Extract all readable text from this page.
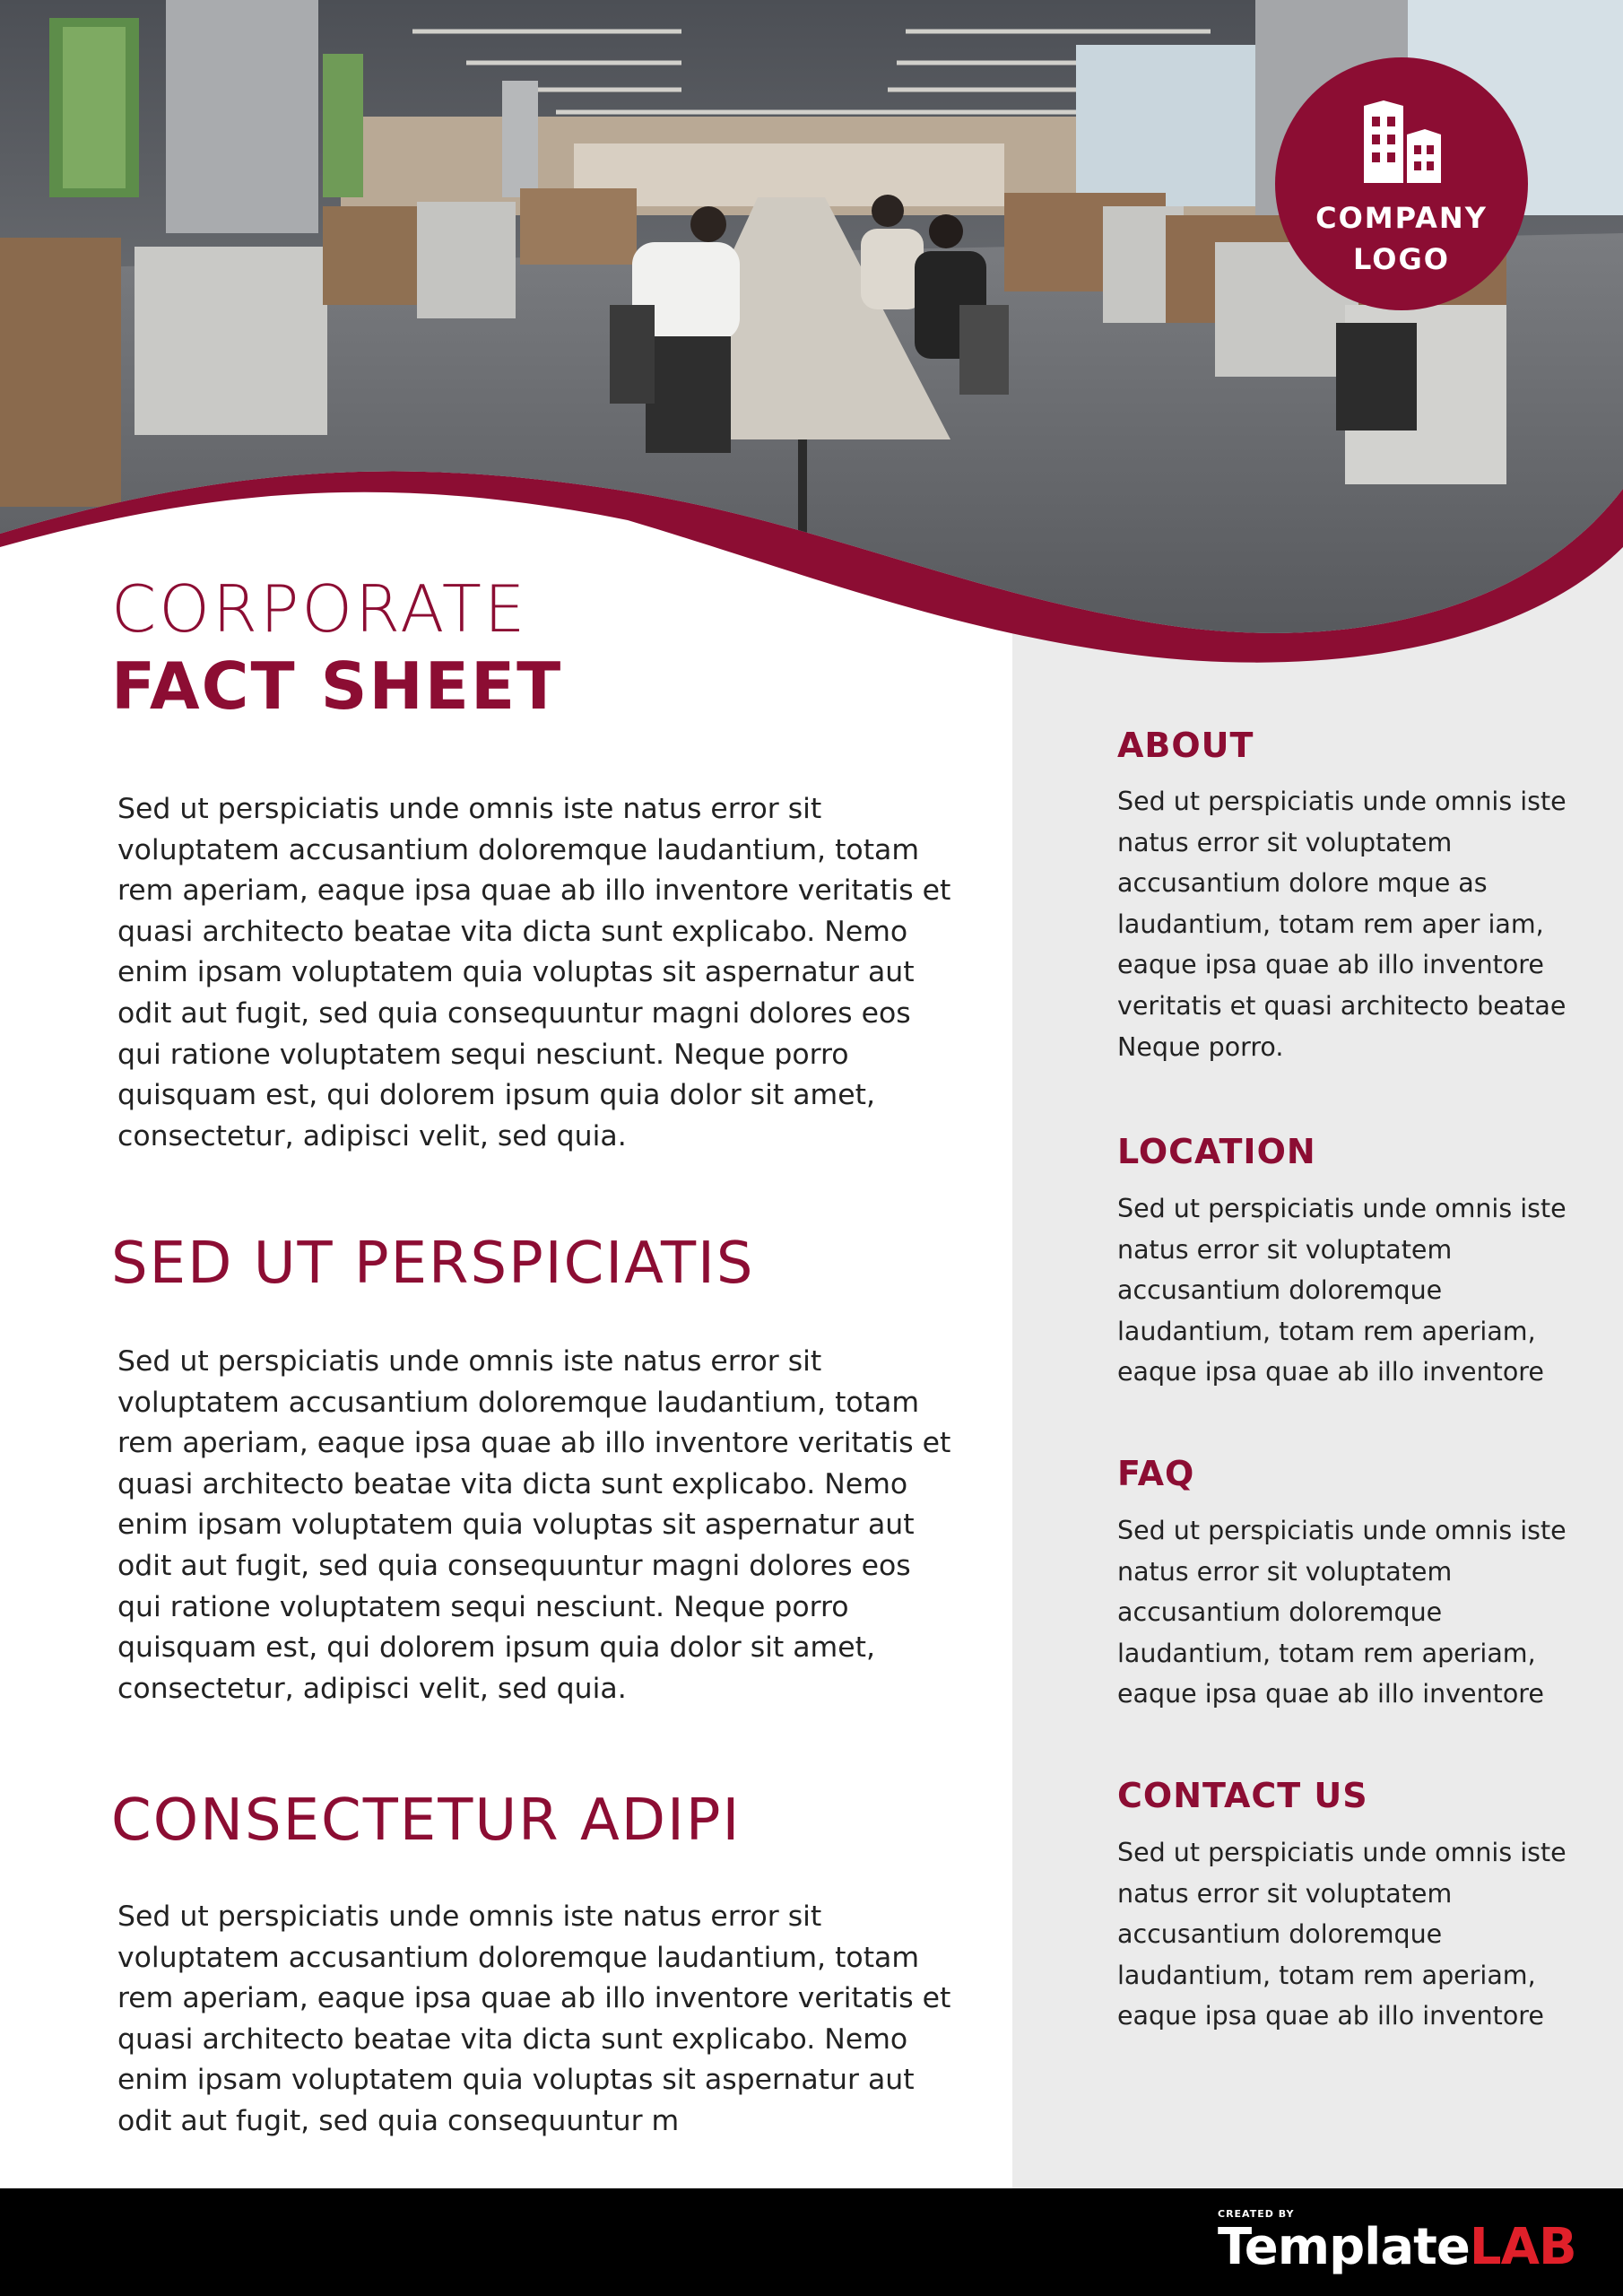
COMPANY
LOGO
CORPORATE
FACT SHEET

Sed ut perspiciatis unde omnis iste natus error sit voluptatem accusantium doloremque laudantium, totam rem aperiam, eaque ipsa quae ab illo inventore veritatis et quasi architecto beatae vita dicta sunt explicabo. Nemo enim ipsam voluptatem quia voluptas sit aspernatur aut odit aut fugit, sed quia consequuntur magni dolores eos qui ratione voluptatem sequi nesciunt. Neque porro quisquam est, qui dolorem ipsum quia dolor sit amet, consectetur, adipisci velit, sed quia.

SED UT PERSPICIATIS

Sed ut perspiciatis unde omnis iste natus error sit voluptatem accusantium doloremque laudantium, totam rem aperiam, eaque ipsa quae ab illo inventore veritatis et quasi architecto beatae vita dicta sunt explicabo. Nemo enim ipsam voluptatem quia voluptas sit aspernatur aut odit aut fugit, sed quia consequuntur magni dolores eos qui ratione voluptatem sequi nesciunt. Neque porro quisquam est, qui dolorem ipsum quia dolor sit amet, consectetur, adipisci velit, sed quia.

CONSECTETUR ADIPI

Sed ut perspiciatis unde omnis iste natus error sit voluptatem accusantium doloremque laudantium, totam rem aperiam, eaque ipsa quae ab illo inventore veritatis et quasi architecto beatae vita dicta sunt explicabo. Nemo enim ipsam voluptatem quia voluptas sit aspernatur aut odit aut fugit, sed quia consequuntur m

ABOUT

Sed ut perspiciatis unde omnis iste natus error sit voluptatem accusantium dolore mque as laudantium, totam rem aper iam, eaque ipsa quae ab illo inventore veritatis et quasi architecto beatae Neque porro.

LOCATION

Sed ut perspiciatis unde omnis iste natus error sit voluptatem accusantium doloremque laudantium, totam rem aperiam, eaque ipsa quae ab illo inventore

FAQ

Sed ut perspiciatis unde omnis iste natus error sit voluptatem accusantium doloremque laudantium, totam rem aperiam, eaque ipsa quae ab illo inventore

CONTACT US

Sed ut perspiciatis unde omnis iste natus error sit voluptatem accusantium doloremque laudantium, totam rem aperiam, eaque ipsa quae ab illo inventore

CREATED BY
TemplateLAB
